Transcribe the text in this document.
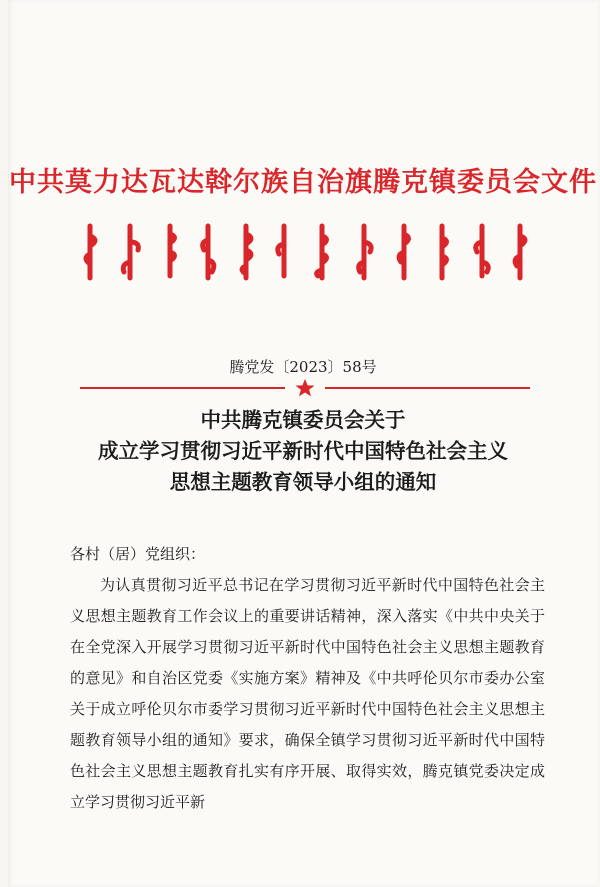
中共莫力达瓦达斡尔族自治旗腾克镇委员会文件
腾党发〔2023〕58号
中共腾克镇委员会关于
成立学习贯彻习近平新时代中国特色社会主义
思想主题教育领导小组的通知
各村（居）党组织：

为认真贯彻习近平总书记在学习贯彻习近平新时代中国特色社会主义思想主题教育工作会议上的重要讲话精神，深入落实《中共中央关于在全党深入开展学习贯彻习近平新时代中国特色社会主义思想主题教育的意见》和自治区党委《实施方案》精神及《中共呼伦贝尔市委办公室关于成立呼伦贝尔市委学习贯彻习近平新时代中国特色社会主义思想主题教育领导小组的通知》要求，确保全镇学习贯彻习近平新时代中国特色社会主义思想主题教育扎实有序开展、取得实效，腾克镇党委决定成立学习贯彻习近平新
